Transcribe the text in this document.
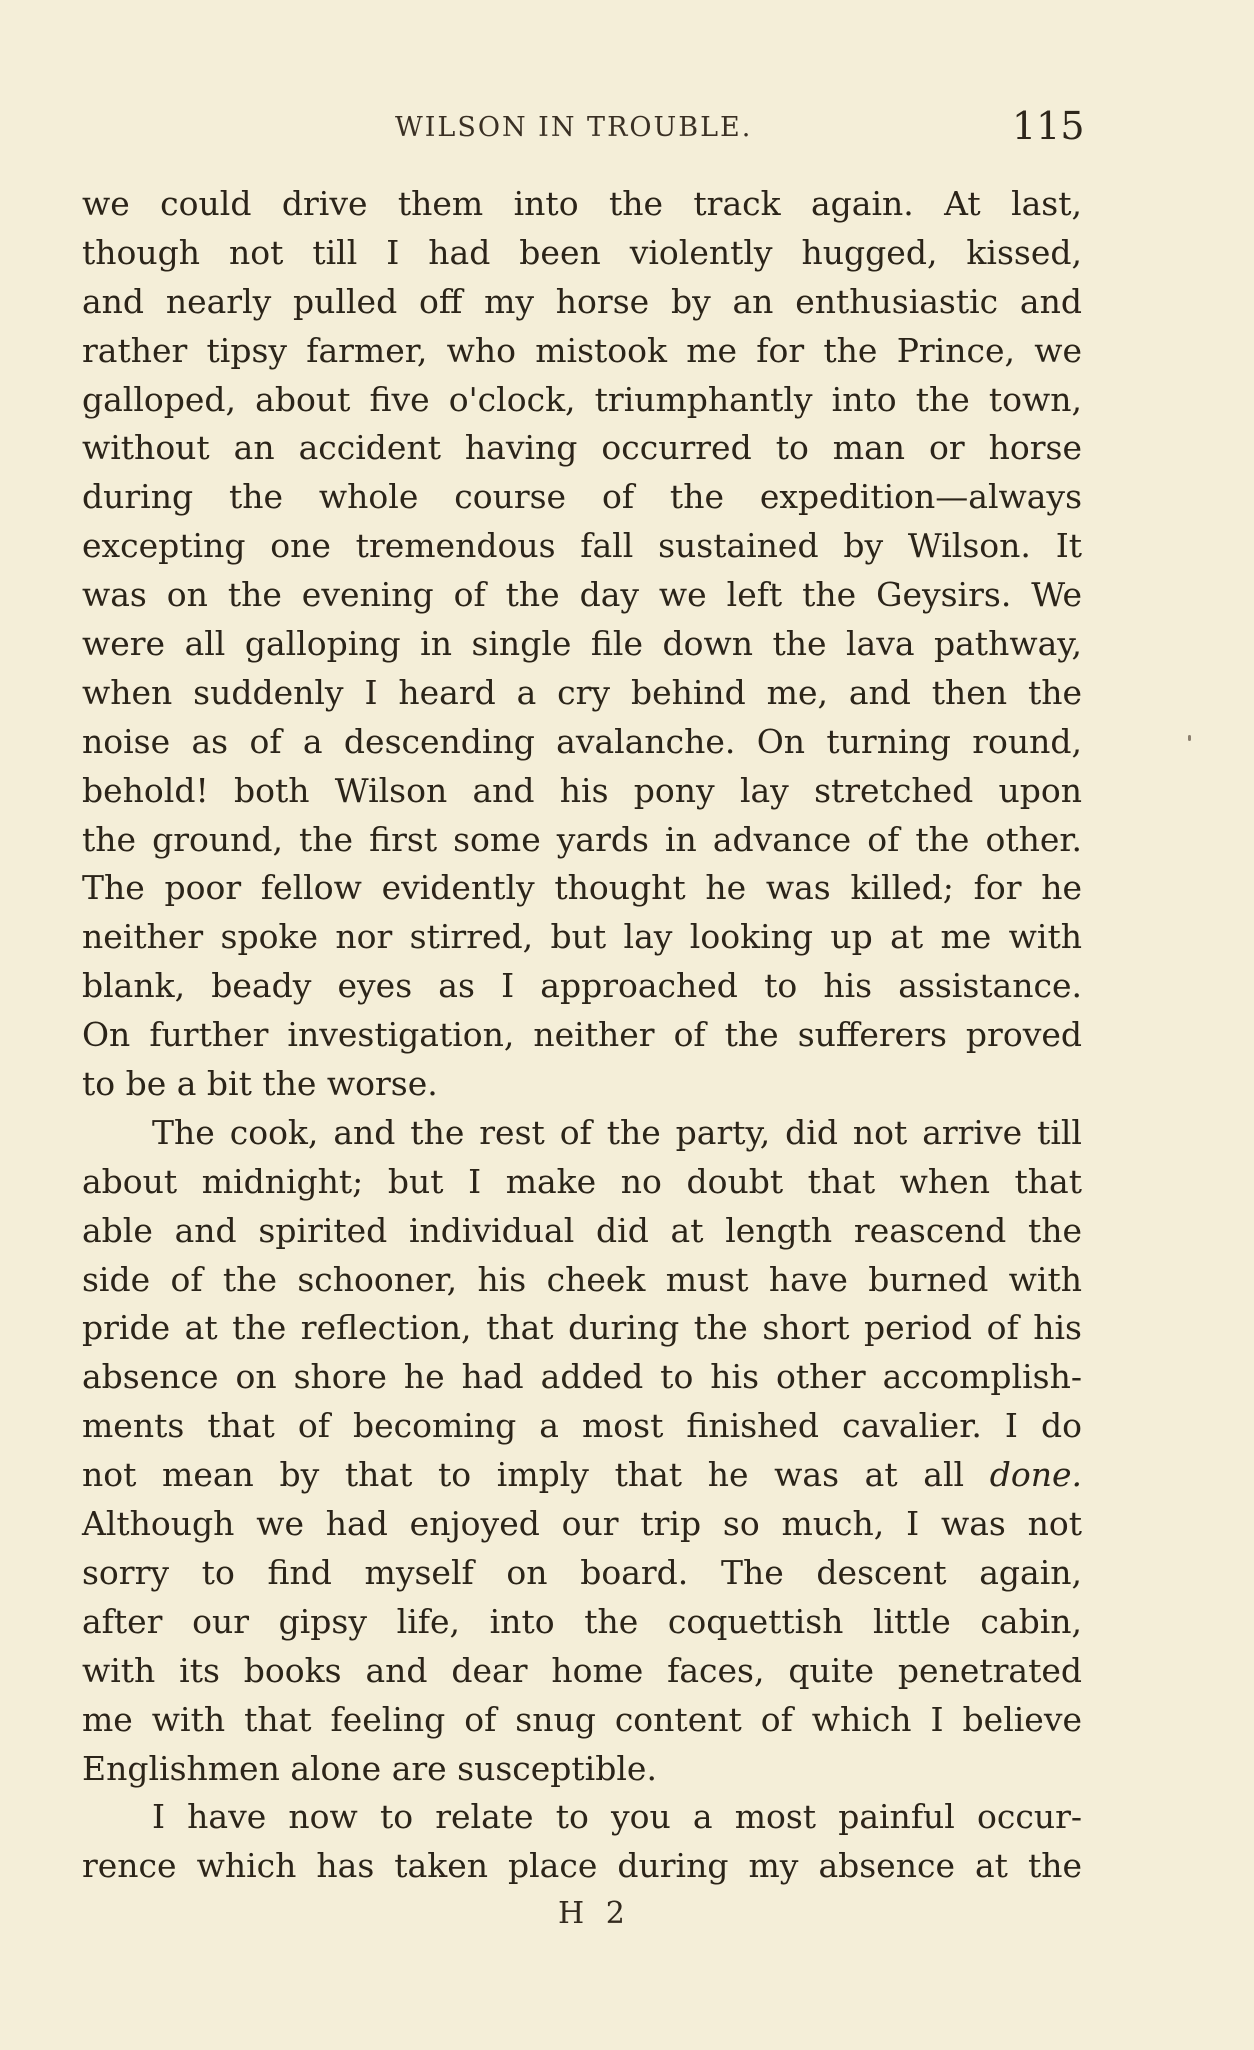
WILSON IN TROUBLE.	115
we could drive them into the track again. At last,
though not till I had been violently hugged, kissed,
and nearly pulled off my horse by an enthusiastic and
rather tipsy farmer, who mistook me for the Prince, we
galloped, about five o'clock, triumphantly into the town,
without an accident having occurred to man or horse
during the whole course of the expedition—always
excepting one tremendous fall sustained by Wilson. It
was on the evening of the day we left the Geysirs. We
were all galloping in single file down the lava pathway,
when suddenly I heard a cry behind me, and then the
noise as of a descending avalanche. On turning round,
behold! both Wilson and his pony lay stretched upon
the ground, the first some yards in advance of the other.
The poor fellow evidently thought he was killed; for he
neither spoke nor stirred, but lay looking up at me with
blank, beady eyes as I approached to his assistance.
On further investigation, neither of the sufferers proved
to be a bit the worse.
The cook, and the rest of the party, did not arrive till
about midnight; but I make no doubt that when that
able and spirited individual did at length reascend the
side of the schooner, his cheek must have burned with
pride at the reflection, that during the short period of his
absence on shore he had added to his other accomplish-
ments that of becoming a most finished cavalier. I do
not mean by that to imply that he was at all done.
Although we had enjoyed our trip so much, I was not
sorry to find myself on board. The descent again,
after our gipsy life, into the coquettish little cabin,
with its books and dear home faces, quite penetrated
me with that feeling of snug content of which I believe
Englishmen alone are susceptible.
I have now to relate to you a most painful occur-
rence which has taken place during my absence at the
H 2
